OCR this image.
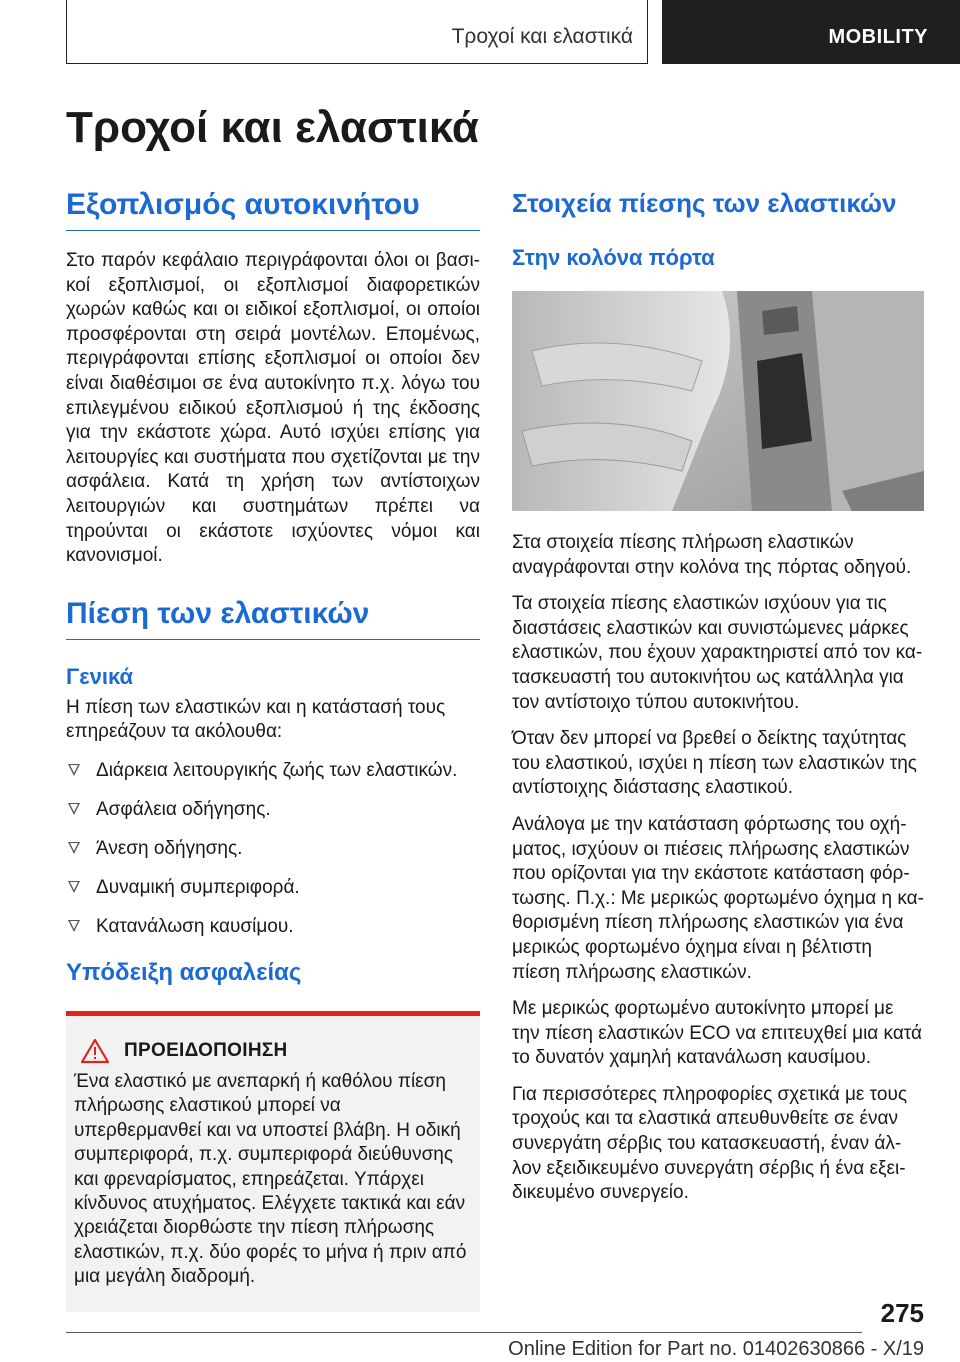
Τροχοί και ελαστικά	MOBILITY
Τροχοί και ελαστικά
Εξοπλισμός αυτοκινήτου

Στο παρόν κεφάλαιο περιγράφονται όλοι οι βασικοί εξοπλισμοί, οι εξοπλισμοί διαφορετικών χωρών καθώς και οι ειδικοί εξοπλισμοί, οι οποίοι προσφέρονται στη σειρά μοντέλων. Επομένως, περιγράφονται επίσης εξοπλισμοί οι οποίοι δεν είναι διαθέσιμοι σε ένα αυτοκίνητο π.χ. λόγω του επιλεγμένου ειδικού εξοπλισμού ή της έκδοσης για την εκάστοτε χώρα. Αυτό ισχύει επίσης για λειτουργίες και συστήματα που σχετίζονται με την ασφάλεια. Κατά τη χρήση των αντίστοιχων λειτουργιών και συστημάτων πρέπει να τηρούνται οι εκάστοτε ισχύοντες νόμοι και κανονισμοί.

Πίεση των ελαστικών
Γενικά

Η πίεση των ελαστικών και η κατάστασή τους επηρεάζουν τα ακόλουθα:

Διάρκεια λειτουργικής ζωής των ελαστικών.
Ασφάλεια οδήγησης.
Άνεση οδήγησης.
Δυναμική συμπεριφορά.
Κατανάλωση καυσίμου.
Υπόδειξη ασφαλείας
ΠΡΟΕΙΔΟΠΟΙΗΣΗ

Ένα ελαστικό με ανεπαρκή ή καθόλου πίεση πλήρωσης ελαστικού μπορεί να υπερθερμανθεί και να υποστεί βλάβη. Η οδική συμπεριφορά, π.χ. συμπεριφορά διεύθυνσης και φρεναρίσματος, επηρεάζεται. Υπάρχει κίνδυνος ατυχήματος. Ελέγχετε τακτικά και εάν χρειάζεται διορθώστε την πίεση πλήρωσης ελαστικών, π.χ. δύο φορές το μήνα ή πριν από μια μεγάλη διαδρομή.

Στοιχεία πίεσης των ελαστικών
Στην κολόνα πόρτα

Στα στοιχεία πίεσης πλήρωση ελαστικών αναγράφονται στην κολόνα της πόρτας οδηγού.

Τα στοιχεία πίεσης ελαστικών ισχύουν για τις διαστάσεις ελαστικών και συνιστώμενες μάρκες ελαστικών, που έχουν χαρακτηριστεί από τον κατασκευαστή του αυτοκινήτου ως κατάλληλα για τον αντίστοιχο τύπου αυτοκινήτου.

Όταν δεν μπορεί να βρεθεί ο δείκτης ταχύτητας του ελαστικού, ισχύει η πίεση των ελαστικών της αντίστοιχης διάστασης ελαστικού.

Ανάλογα με την κατάσταση φόρτωσης του οχήματος, ισχύουν οι πιέσεις πλήρωσης ελαστικών που ορίζονται για την εκάστοτε κατάσταση φόρτωσης. Π.χ.: Με μερικώς φορτωμένο όχημα η καθορισμένη πίεση πλήρωσης ελαστικών για ένα μερικώς φορτωμένο όχημα είναι η βέλτιστη πίεση πλήρωσης ελαστικών.

Με μερικώς φορτωμένο αυτοκίνητο μπορεί με την πίεση ελαστικών ECO να επιτευχθεί μια κατά το δυνατόν χαμηλή κατανάλωση καυσίμου.

Για περισσότερες πληροφορίες σχετικά με τους τροχούς και τα ελαστικά απευθυνθείτε σε έναν συνεργάτη σέρβις του κατασκευαστή, έναν άλλον εξειδικευμένο συνεργάτη σέρβις ή ένα εξειδικευμένο συνεργείο.

275
Online Edition for Part no. 01402630866 - X/19
